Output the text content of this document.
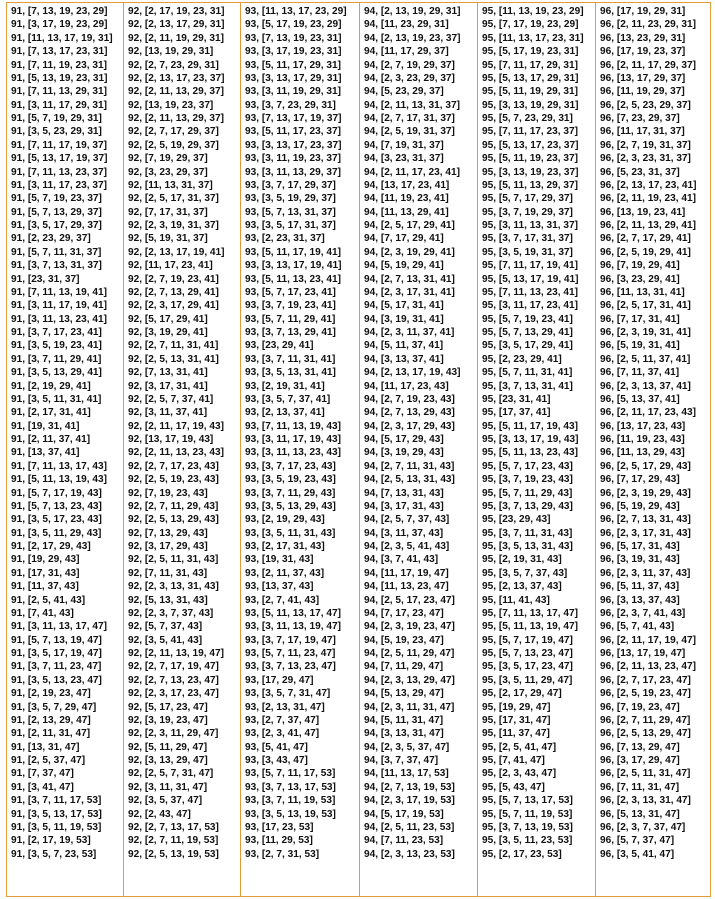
91, [7, 13, 19, 23, 29]
91, [3, 17, 19, 23, 29]
91, [11, 13, 17, 19, 31]
91, [7, 13, 17, 23, 31]
91, [7, 11, 19, 23, 31]
91, [5, 13, 19, 23, 31]
91, [7, 11, 13, 29, 31]
91, [3, 11, 17, 29, 31]
91, [5, 7, 19, 29, 31]
91, [3, 5, 23, 29, 31]
91, [7, 11, 17, 19, 37]
91, [5, 13, 17, 19, 37]
91, [7, 11, 13, 23, 37]
91, [3, 11, 17, 23, 37]
91, [5, 7, 19, 23, 37]
91, [5, 7, 13, 29, 37]
91, [3, 5, 17, 29, 37]
91, [2, 23, 29, 37]
91, [5, 7, 11, 31, 37]
91, [3, 7, 13, 31, 37]
91, [23, 31, 37]
91, [7, 11, 13, 19, 41]
91, [3, 11, 17, 19, 41]
91, [3, 11, 13, 23, 41]
91, [3, 7, 17, 23, 41]
91, [3, 5, 19, 23, 41]
91, [3, 7, 11, 29, 41]
91, [3, 5, 13, 29, 41]
91, [2, 19, 29, 41]
91, [3, 5, 11, 31, 41]
91, [2, 17, 31, 41]
91, [19, 31, 41]
91, [2, 11, 37, 41]
91, [13, 37, 41]
91, [7, 11, 13, 17, 43]
91, [5, 11, 13, 19, 43]
91, [5, 7, 17, 19, 43]
91, [5, 7, 13, 23, 43]
91, [3, 5, 17, 23, 43]
91, [3, 5, 11, 29, 43]
91, [2, 17, 29, 43]
91, [19, 29, 43]
91, [17, 31, 43]
91, [11, 37, 43]
91, [2, 5, 41, 43]
91, [7, 41, 43]
91, [3, 11, 13, 17, 47]
91, [5, 7, 13, 19, 47]
91, [3, 5, 17, 19, 47]
91, [3, 7, 11, 23, 47]
91, [3, 5, 13, 23, 47]
91, [2, 19, 23, 47]
91, [3, 5, 7, 29, 47]
91, [2, 13, 29, 47]
91, [2, 11, 31, 47]
91, [13, 31, 47]
91, [2, 5, 37, 47]
91, [7, 37, 47]
91, [3, 41, 47]
91, [3, 7, 11, 17, 53]
91, [3, 5, 13, 17, 53]
91, [3, 5, 11, 19, 53]
91, [2, 17, 19, 53]
91, [3, 5, 7, 23, 53]
92, [2, 17, 19, 23, 31]
92, [2, 13, 17, 29, 31]
92, [2, 11, 19, 29, 31]
92, [13, 19, 29, 31]
92, [2, 7, 23, 29, 31]
92, [2, 13, 17, 23, 37]
92, [2, 11, 13, 29, 37]
92, [13, 19, 23, 37]
92, [2, 11, 13, 29, 37]
92, [2, 7, 17, 29, 37]
92, [2, 5, 19, 29, 37]
92, [7, 19, 29, 37]
92, [3, 23, 29, 37]
92, [11, 13, 31, 37]
92, [2, 5, 17, 31, 37]
92, [7, 17, 31, 37]
92, [2, 3, 19, 31, 37]
92, [5, 19, 31, 37]
92, [2, 13, 17, 19, 41]
92, [11, 17, 23, 41]
92, [2, 7, 19, 23, 41]
92, [2, 7, 13, 29, 41]
92, [2, 3, 17, 29, 41]
92, [5, 17, 29, 41]
92, [3, 19, 29, 41]
92, [2, 7, 11, 31, 41]
92, [2, 5, 13, 31, 41]
92, [7, 13, 31, 41]
92, [3, 17, 31, 41]
92, [2, 5, 7, 37, 41]
92, [3, 11, 37, 41]
92, [2, 11, 17, 19, 43]
92, [13, 17, 19, 43]
92, [2, 11, 13, 23, 43]
92, [2, 7, 17, 23, 43]
92, [2, 5, 19, 23, 43]
92, [7, 19, 23, 43]
92, [2, 7, 11, 29, 43]
92, [2, 5, 13, 29, 43]
92, [7, 13, 29, 43]
92, [3, 17, 29, 43]
92, [2, 5, 11, 31, 43]
92, [7, 11, 31, 43]
92, [2, 3, 13, 31, 43]
92, [5, 13, 31, 43]
92, [2, 3, 7, 37, 43]
92, [5, 7, 37, 43]
92, [3, 5, 41, 43]
92, [2, 11, 13, 19, 47]
92, [2, 7, 17, 19, 47]
92, [2, 7, 13, 23, 47]
92, [2, 3, 17, 23, 47]
92, [5, 17, 23, 47]
92, [3, 19, 23, 47]
92, [2, 3, 11, 29, 47]
92, [5, 11, 29, 47]
92, [3, 13, 29, 47]
92, [2, 5, 7, 31, 47]
92, [3, 11, 31, 47]
92, [3, 5, 37, 47]
92, [2, 43, 47]
92, [2, 7, 13, 17, 53]
92, [2, 7, 11, 19, 53]
92, [2, 5, 13, 19, 53]
93, [11, 13, 17, 23, 29]
93, [5, 17, 19, 23, 29]
93, [7, 13, 19, 23, 31]
93, [3, 17, 19, 23, 31]
93, [5, 11, 17, 29, 31]
93, [3, 13, 17, 29, 31]
93, [3, 11, 19, 29, 31]
93, [3, 7, 23, 29, 31]
93, [7, 13, 17, 19, 37]
93, [5, 11, 17, 23, 37]
93, [3, 13, 17, 23, 37]
93, [3, 11, 19, 23, 37]
93, [3, 11, 13, 29, 37]
93, [3, 7, 17, 29, 37]
93, [3, 5, 19, 29, 37]
93, [5, 7, 13, 31, 37]
93, [3, 5, 17, 31, 37]
93, [2, 23, 31, 37]
93, [5, 11, 17, 19, 41]
93, [3, 13, 17, 19, 41]
93, [5, 11, 13, 23, 41]
93, [5, 7, 17, 23, 41]
93, [3, 7, 19, 23, 41]
93, [5, 7, 11, 29, 41]
93, [3, 7, 13, 29, 41]
93, [23, 29, 41]
93, [3, 7, 11, 31, 41]
93, [3, 5, 13, 31, 41]
93, [2, 19, 31, 41]
93, [3, 5, 7, 37, 41]
93, [2, 13, 37, 41]
93, [7, 11, 13, 19, 43]
93, [3, 11, 17, 19, 43]
93, [3, 11, 13, 23, 43]
93, [3, 7, 17, 23, 43]
93, [3, 5, 19, 23, 43]
93, [3, 7, 11, 29, 43]
93, [3, 5, 13, 29, 43]
93, [2, 19, 29, 43]
93, [3, 5, 11, 31, 43]
93, [2, 17, 31, 43]
93, [19, 31, 43]
93, [2, 11, 37, 43]
93, [13, 37, 43]
93, [2, 7, 41, 43]
93, [5, 11, 13, 17, 47]
93, [3, 11, 13, 19, 47]
93, [3, 7, 17, 19, 47]
93, [5, 7, 11, 23, 47]
93, [3, 7, 13, 23, 47]
93, [17, 29, 47]
93, [3, 5, 7, 31, 47]
93, [2, 13, 31, 47]
93, [2, 7, 37, 47]
93, [2, 3, 41, 47]
93, [5, 41, 47]
93, [3, 43, 47]
93, [5, 7, 11, 17, 53]
93, [3, 7, 13, 17, 53]
93, [3, 7, 11, 19, 53]
93, [3, 5, 13, 19, 53]
93, [17, 23, 53]
93, [11, 29, 53]
93, [2, 7, 31, 53]
94, [2, 13, 19, 29, 31]
94, [11, 23, 29, 31]
94, [2, 13, 19, 23, 37]
94, [11, 17, 29, 37]
94, [2, 7, 19, 29, 37]
94, [2, 3, 23, 29, 37]
94, [5, 23, 29, 37]
94, [2, 11, 13, 31, 37]
94, [2, 7, 17, 31, 37]
94, [2, 5, 19, 31, 37]
94, [7, 19, 31, 37]
94, [3, 23, 31, 37]
94, [2, 11, 17, 23, 41]
94, [13, 17, 23, 41]
94, [11, 19, 23, 41]
94, [11, 13, 29, 41]
94, [2, 5, 17, 29, 41]
94, [7, 17, 29, 41]
94, [2, 3, 19, 29, 41]
94, [5, 19, 29, 41]
94, [2, 7, 13, 31, 41]
94, [2, 3, 17, 31, 41]
94, [5, 17, 31, 41]
94, [3, 19, 31, 41]
94, [2, 3, 11, 37, 41]
94, [5, 11, 37, 41]
94, [3, 13, 37, 41]
94, [2, 13, 17, 19, 43]
94, [11, 17, 23, 43]
94, [2, 7, 19, 23, 43]
94, [2, 7, 13, 29, 43]
94, [2, 3, 17, 29, 43]
94, [5, 17, 29, 43]
94, [3, 19, 29, 43]
94, [2, 7, 11, 31, 43]
94, [2, 5, 13, 31, 43]
94, [7, 13, 31, 43]
94, [3, 17, 31, 43]
94, [2, 5, 7, 37, 43]
94, [3, 11, 37, 43]
94, [2, 3, 5, 41, 43]
94, [3, 7, 41, 43]
94, [11, 17, 19, 47]
94, [11, 13, 23, 47]
94, [2, 5, 17, 23, 47]
94, [7, 17, 23, 47]
94, [2, 3, 19, 23, 47]
94, [5, 19, 23, 47]
94, [2, 5, 11, 29, 47]
94, [7, 11, 29, 47]
94, [2, 3, 13, 29, 47]
94, [5, 13, 29, 47]
94, [2, 3, 11, 31, 47]
94, [5, 11, 31, 47]
94, [3, 13, 31, 47]
94, [2, 3, 5, 37, 47]
94, [3, 7, 37, 47]
94, [11, 13, 17, 53]
94, [2, 7, 13, 19, 53]
94, [2, 3, 17, 19, 53]
94, [5, 17, 19, 53]
94, [2, 5, 11, 23, 53]
94, [7, 11, 23, 53]
94, [2, 3, 13, 23, 53]
95, [11, 13, 19, 23, 29]
95, [7, 17, 19, 23, 29]
95, [11, 13, 17, 23, 31]
95, [5, 17, 19, 23, 31]
95, [7, 11, 17, 29, 31]
95, [5, 13, 17, 29, 31]
95, [5, 11, 19, 29, 31]
95, [3, 13, 19, 29, 31]
95, [5, 7, 23, 29, 31]
95, [7, 11, 17, 23, 37]
95, [5, 13, 17, 23, 37]
95, [5, 11, 19, 23, 37]
95, [3, 13, 19, 23, 37]
95, [5, 11, 13, 29, 37]
95, [5, 7, 17, 29, 37]
95, [3, 7, 19, 29, 37]
95, [3, 11, 13, 31, 37]
95, [3, 7, 17, 31, 37]
95, [3, 5, 19, 31, 37]
95, [7, 11, 17, 19, 41]
95, [5, 13, 17, 19, 41]
95, [7, 11, 13, 23, 41]
95, [3, 11, 17, 23, 41]
95, [5, 7, 19, 23, 41]
95, [5, 7, 13, 29, 41]
95, [3, 5, 17, 29, 41]
95, [2, 23, 29, 41]
95, [5, 7, 11, 31, 41]
95, [3, 7, 13, 31, 41]
95, [23, 31, 41]
95, [17, 37, 41]
95, [5, 11, 17, 19, 43]
95, [3, 13, 17, 19, 43]
95, [5, 11, 13, 23, 43]
95, [5, 7, 17, 23, 43]
95, [3, 7, 19, 23, 43]
95, [5, 7, 11, 29, 43]
95, [3, 7, 13, 29, 43]
95, [23, 29, 43]
95, [3, 7, 11, 31, 43]
95, [3, 5, 13, 31, 43]
95, [2, 19, 31, 43]
95, [3, 5, 7, 37, 43]
95, [2, 13, 37, 43]
95, [11, 41, 43]
95, [7, 11, 13, 17, 47]
95, [5, 11, 13, 19, 47]
95, [5, 7, 17, 19, 47]
95, [5, 7, 13, 23, 47]
95, [3, 5, 17, 23, 47]
95, [3, 5, 11, 29, 47]
95, [2, 17, 29, 47]
95, [19, 29, 47]
95, [17, 31, 47]
95, [11, 37, 47]
95, [2, 5, 41, 47]
95, [7, 41, 47]
95, [2, 3, 43, 47]
95, [5, 43, 47]
95, [5, 7, 13, 17, 53]
95, [5, 7, 11, 19, 53]
95, [3, 7, 13, 19, 53]
95, [3, 5, 11, 23, 53]
95, [2, 17, 23, 53]
96, [17, 19, 29, 31]
96, [2, 11, 23, 29, 31]
96, [13, 23, 29, 31]
96, [17, 19, 23, 37]
96, [2, 11, 17, 29, 37]
96, [13, 17, 29, 37]
96, [11, 19, 29, 37]
96, [2, 5, 23, 29, 37]
96, [7, 23, 29, 37]
96, [11, 17, 31, 37]
96, [2, 7, 19, 31, 37]
96, [2, 3, 23, 31, 37]
96, [5, 23, 31, 37]
96, [2, 13, 17, 23, 41]
96, [2, 11, 19, 23, 41]
96, [13, 19, 23, 41]
96, [2, 11, 13, 29, 41]
96, [2, 7, 17, 29, 41]
96, [2, 5, 19, 29, 41]
96, [7, 19, 29, 41]
96, [3, 23, 29, 41]
96, [11, 13, 31, 41]
96, [2, 5, 17, 31, 41]
96, [7, 17, 31, 41]
96, [2, 3, 19, 31, 41]
96, [5, 19, 31, 41]
96, [2, 5, 11, 37, 41]
96, [7, 11, 37, 41]
96, [2, 3, 13, 37, 41]
96, [5, 13, 37, 41]
96, [2, 11, 17, 23, 43]
96, [13, 17, 23, 43]
96, [11, 19, 23, 43]
96, [11, 13, 29, 43]
96, [2, 5, 17, 29, 43]
96, [7, 17, 29, 43]
96, [2, 3, 19, 29, 43]
96, [5, 19, 29, 43]
96, [2, 7, 13, 31, 43]
96, [2, 3, 17, 31, 43]
96, [5, 17, 31, 43]
96, [3, 19, 31, 43]
96, [2, 3, 11, 37, 43]
96, [5, 11, 37, 43]
96, [3, 13, 37, 43]
96, [2, 3, 7, 41, 43]
96, [5, 7, 41, 43]
96, [2, 11, 17, 19, 47]
96, [13, 17, 19, 47]
96, [2, 11, 13, 23, 47]
96, [2, 7, 17, 23, 47]
96, [2, 5, 19, 23, 47]
96, [7, 19, 23, 47]
96, [2, 7, 11, 29, 47]
96, [2, 5, 13, 29, 47]
96, [7, 13, 29, 47]
96, [3, 17, 29, 47]
96, [2, 5, 11, 31, 47]
96, [7, 11, 31, 47]
96, [2, 3, 13, 31, 47]
96, [5, 13, 31, 47]
96, [2, 3, 7, 37, 47]
96, [5, 7, 37, 47]
96, [3, 5, 41, 47]
